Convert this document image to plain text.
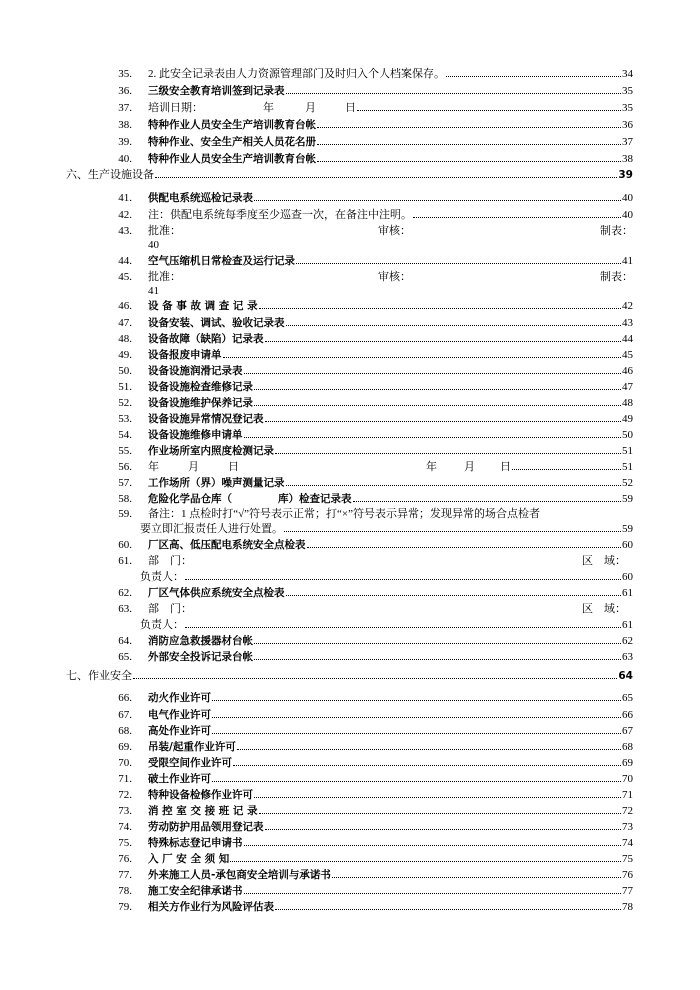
35. 2. 此安全记录表由人力资源管理部门及时归入个人档案保存。	34
36. 三级安全教育培训签到记录表	35
37. 培训日期：	年	月	日	35
38. 特种作业人员安全生产培训教育台帐	36
39. 特种作业、安全生产相关人员花名册	37
40. 特种作业人员安全生产培训教育台帐	38
六、生产设施设备	39
41. 供配电系统巡检记录表	40
42. 注：供配电系统每季度至少巡查一次，在备注中注明。	40
43. 批准：	审核：	制表：
40
44. 空气压缩机日常检查及运行记录	41
45. 批准：	审核：	制表：
41
46. 设 备 事 故 调 查 记 录	42
47. 设备安装、调试、验收记录表	43
48. 设备故障（缺陷）记录表	44
49. 设备报废申请单	45
50. 设备设施润滑记录表	46
51. 设备设施检查维修记录	47
52. 设备设施维护保养记录	48
53. 设备设施异常情况登记表	49
54. 设备设施维修申请单	50
55. 作业场所室内照度检测记录	51
56. 年	月	日	年	月	日	51
57. 工作场所（界）噪声测量记录	52
58. 危险化学品仓库（	库）检查记录表	59
59. 备注：1 点检时打“√”符号表示正常；打“×”符号表示异常；发现异常的场合点检者
要立即汇报责任人进行处置。	59
60. 厂区高、低压配电系统安全点检表	60
61. 部　门：	区　域：
负责人：	60
62. 厂区气体供应系统安全点检表	61
63. 部　门：	区　域：
负责人：	61
64. 消防应急救援器材台帐	62
65. 外部安全投诉记录台帐	63
七、作业安全	64
66. 动火作业许可	65
67. 电气作业许可	66
68. 高处作业许可	67
69. 吊装/起重作业许可	68
70. 受限空间作业许可	69
71. 破土作业许可	70
72. 特种设备检修作业许可	71
73. 消 控 室 交 接 班 记 录	72
74. 劳动防护用品领用登记表	73
75. 特殊标志登记申请书	74
76. 入 厂 安 全 须 知	75
77. 外来施工人员-承包商安全培训与承诺书	76
78. 施工安全纪律承诺书	77
79. 相关方作业行为风险评估表	78
